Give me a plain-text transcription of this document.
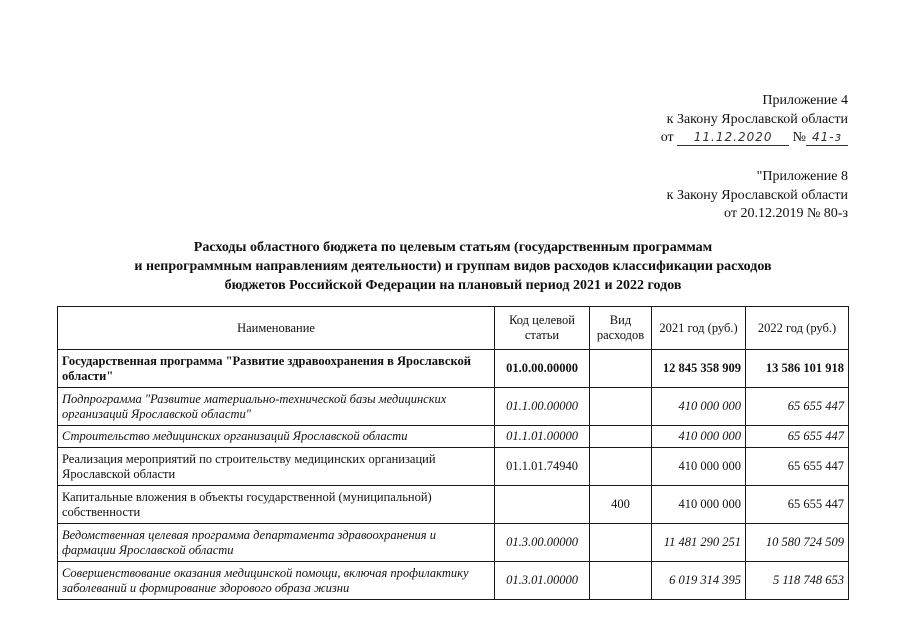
Приложение 4
к Закону Ярославской области
от 11.12.2020 № 41-з
"Приложение 8
к Закону Ярославской области
от 20.12.2019 № 80-з
Расходы областного бюджета по целевым статьям (государственным программам
и непрограммным направлениям деятельности) и группам видов расходов классификации расходов
бюджетов Российской Федерации на плановый период 2021 и 2022 годов
Наименование	Код целевой статьи	Вид расходов	2021 год (руб.)	2022 год (руб.)
Государственная программа "Развитие здравоохранения в Ярославской области"	01.0.00.00000		12 845 358 909	13 586 101 918
Подпрограмма "Развитие материально-технической базы медицинских организаций Ярославской области"	01.1.00.00000		410 000 000	65 655 447
Строительство медицинских организаций Ярославской области	01.1.01.00000		410 000 000	65 655 447
Реализация мероприятий по строительству медицинских организаций Ярославской области	01.1.01.74940		410 000 000	65 655 447
Капитальные вложения в объекты государственной (муниципальной) собственности		400	410 000 000	65 655 447
Ведомственная целевая программа департамента здравоохранения и фармации Ярославской области	01.3.00.00000		11 481 290 251	10 580 724 509
Совершенствование оказания медицинской помощи, включая профилактику заболеваний и формирование здорового образа жизни	01.3.01.00000		6 019 314 395	5 118 748 653
